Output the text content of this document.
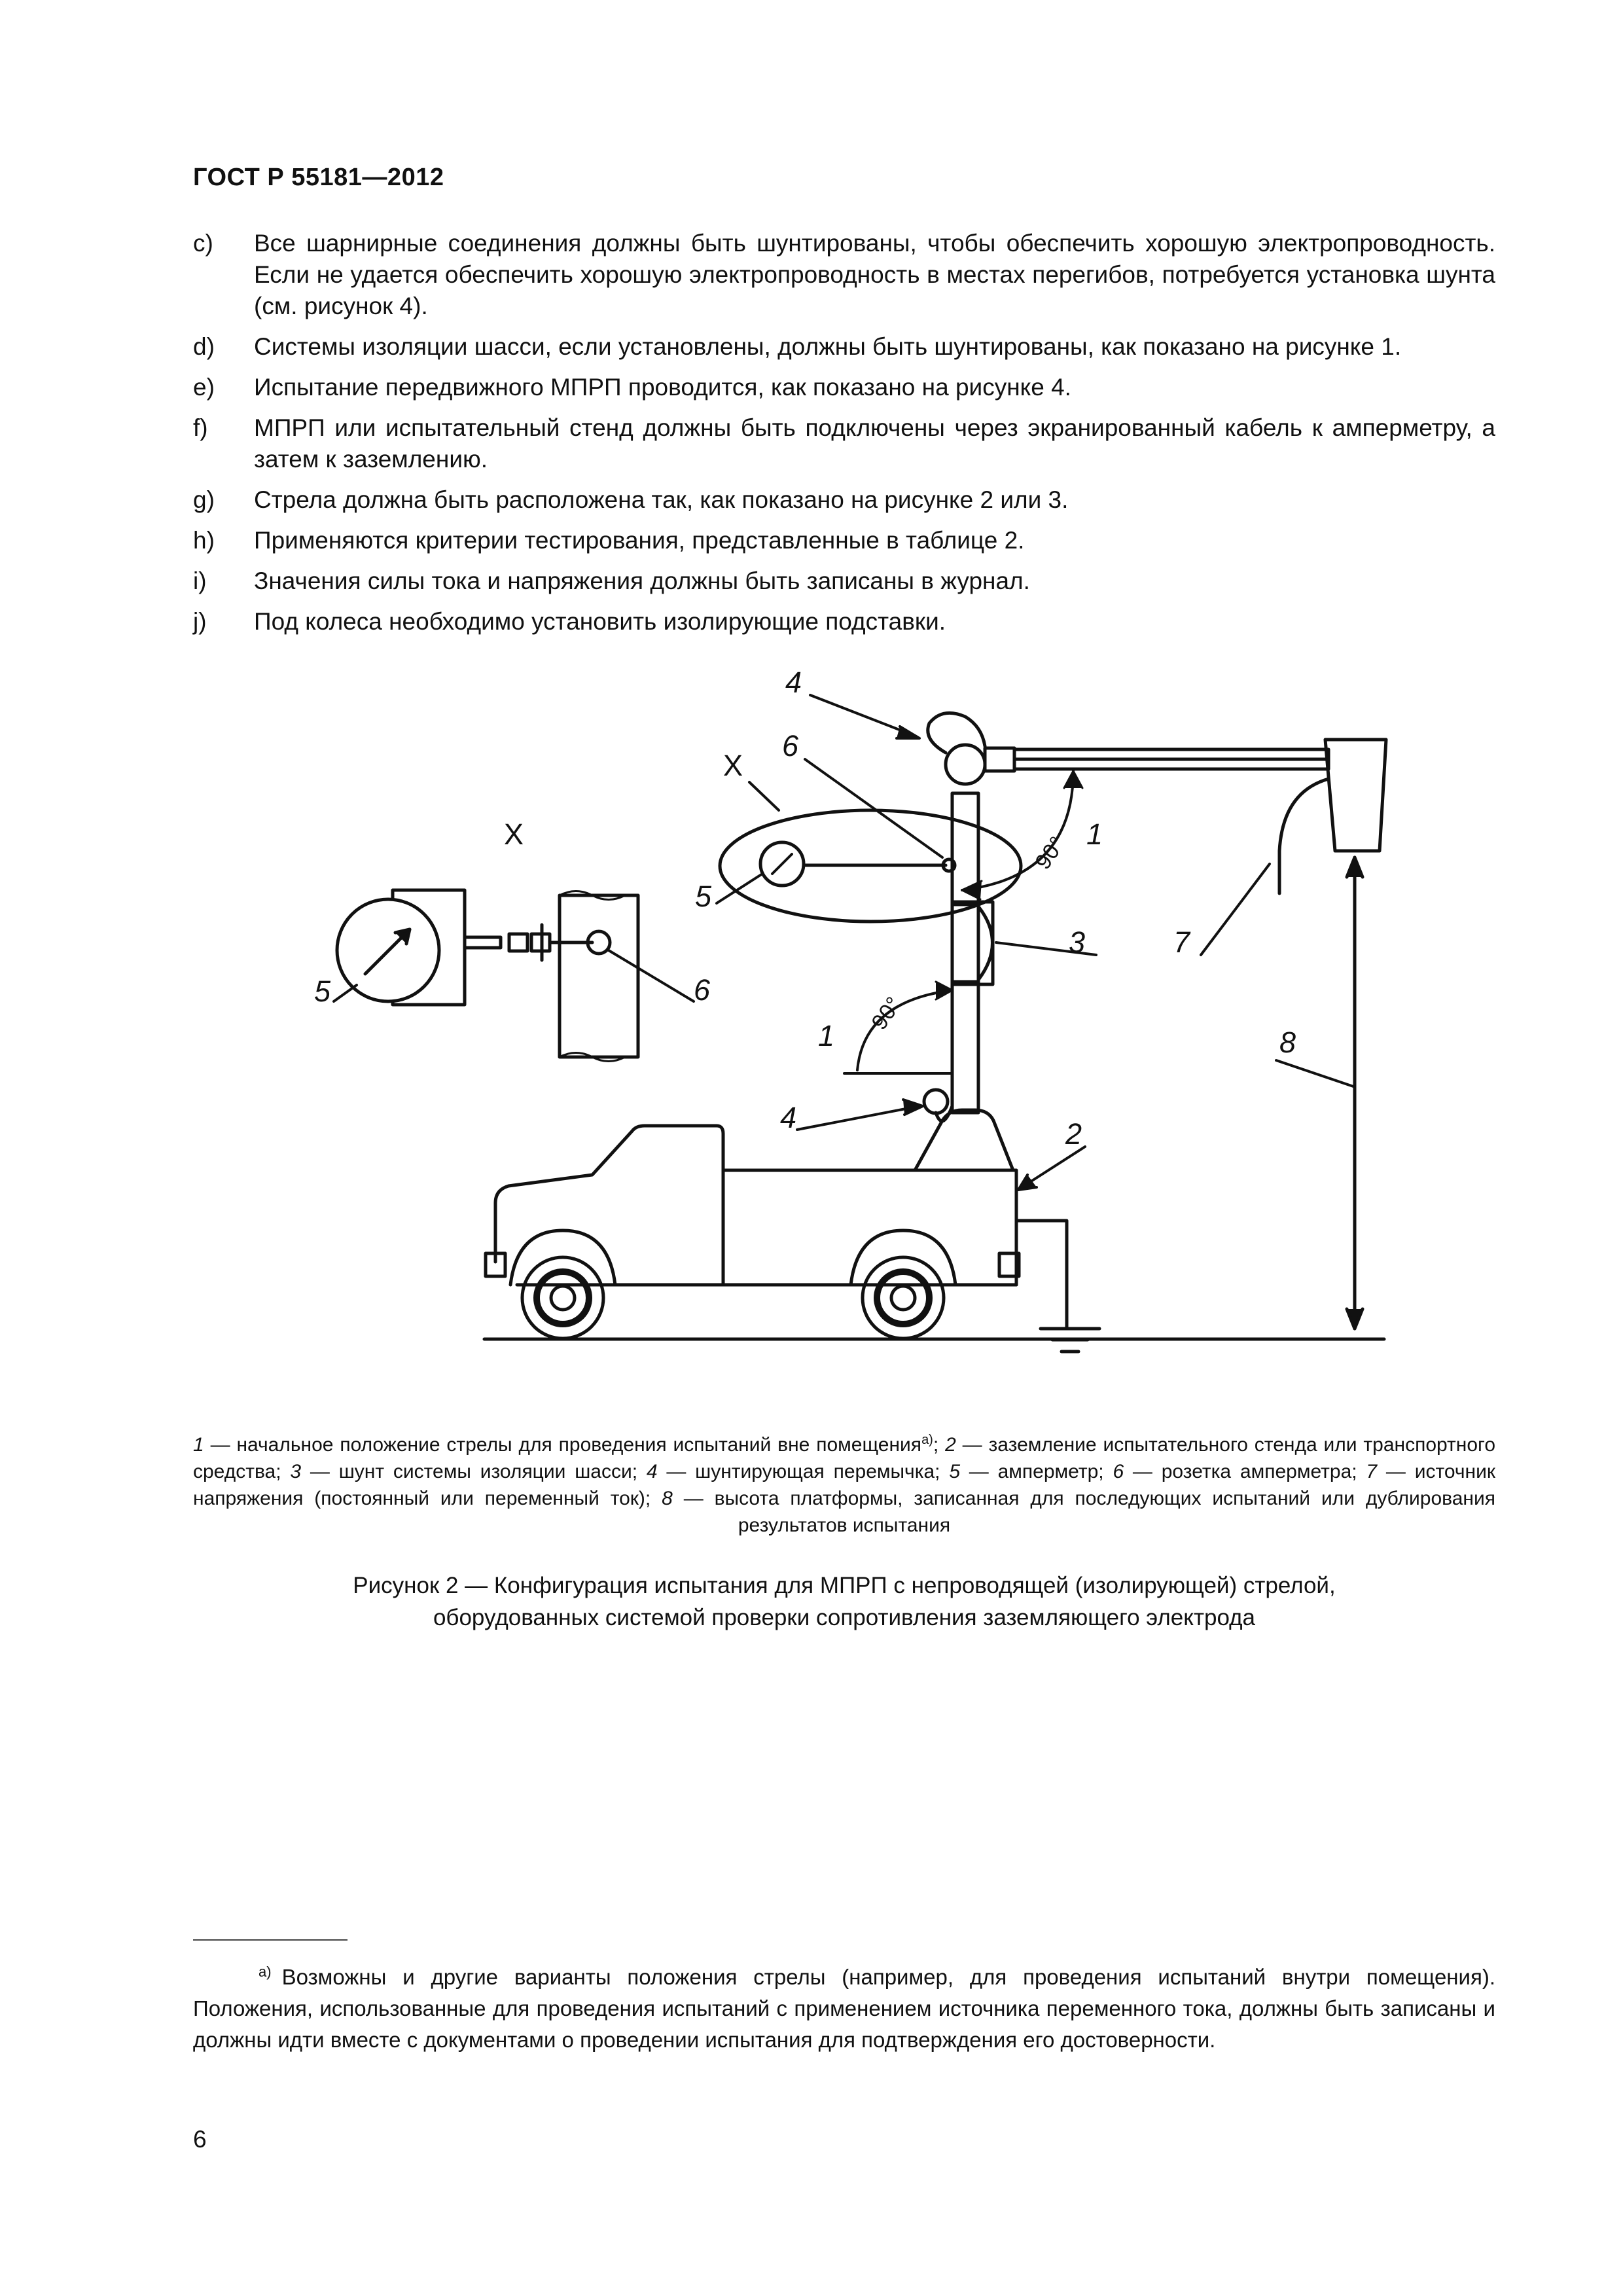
ГОСТ Р 55181—2012
c) Все шарнирные соединения должны быть шунтированы, чтобы обеспечить хорошую электропроводность. Если не удается обеспечить хорошую электропроводность в местах перегибов, потребуется установка шунта (см. рисунок 4).
d) Системы изоляции шасси, если установлены, должны быть шунтированы, как показано на рисунке 1.
e) Испытание передвижного МПРП проводится, как показано на рисунке 4.
f) МПРП или испытательный стенд должны быть подключены через экранированный кабель к амперметру, а затем к заземлению.
g) Стрела должна быть расположена так, как показано на рисунке 2 или 3.
h) Применяются критерии тестирования, представленные в таблице 2.
i) Значения силы тока и напряжения должны быть записаны в журнал.
j) Под колеса необходимо установить изолирующие подставки.
4
6
X
X
5
1
90°
3	7
5	6
90°
8
1
4	2
1 — начальное положение стрелы для проведения испытаний вне помещения$^{а)}$; 2 — заземление испытательного стенда или транспортного средства; 3 — шунт системы изоляции шасси; 4 — шунтирующая перемычка; 5 — амперметр; 6 — розетка амперметра; 7 — источник напряжения (постоянный или переменный ток); 8 — высота платформы, записанная для последующих испытаний или дублирования результатов испытания
Рисунок 2 — Конфигурация испытания для МПРП с непроводящей (изолирующей) стрелой,
оборудованных системой проверки сопротивления заземляющего электрода
$^{а)}$ Возможны и другие варианты положения стрелы (например, для проведения испытаний внутри помещения). Положения, использованные для проведения испытаний с применением источника переменного тока, должны быть записаны и должны идти вместе с документами о проведении испытания для подтверждения его достоверности.
6
